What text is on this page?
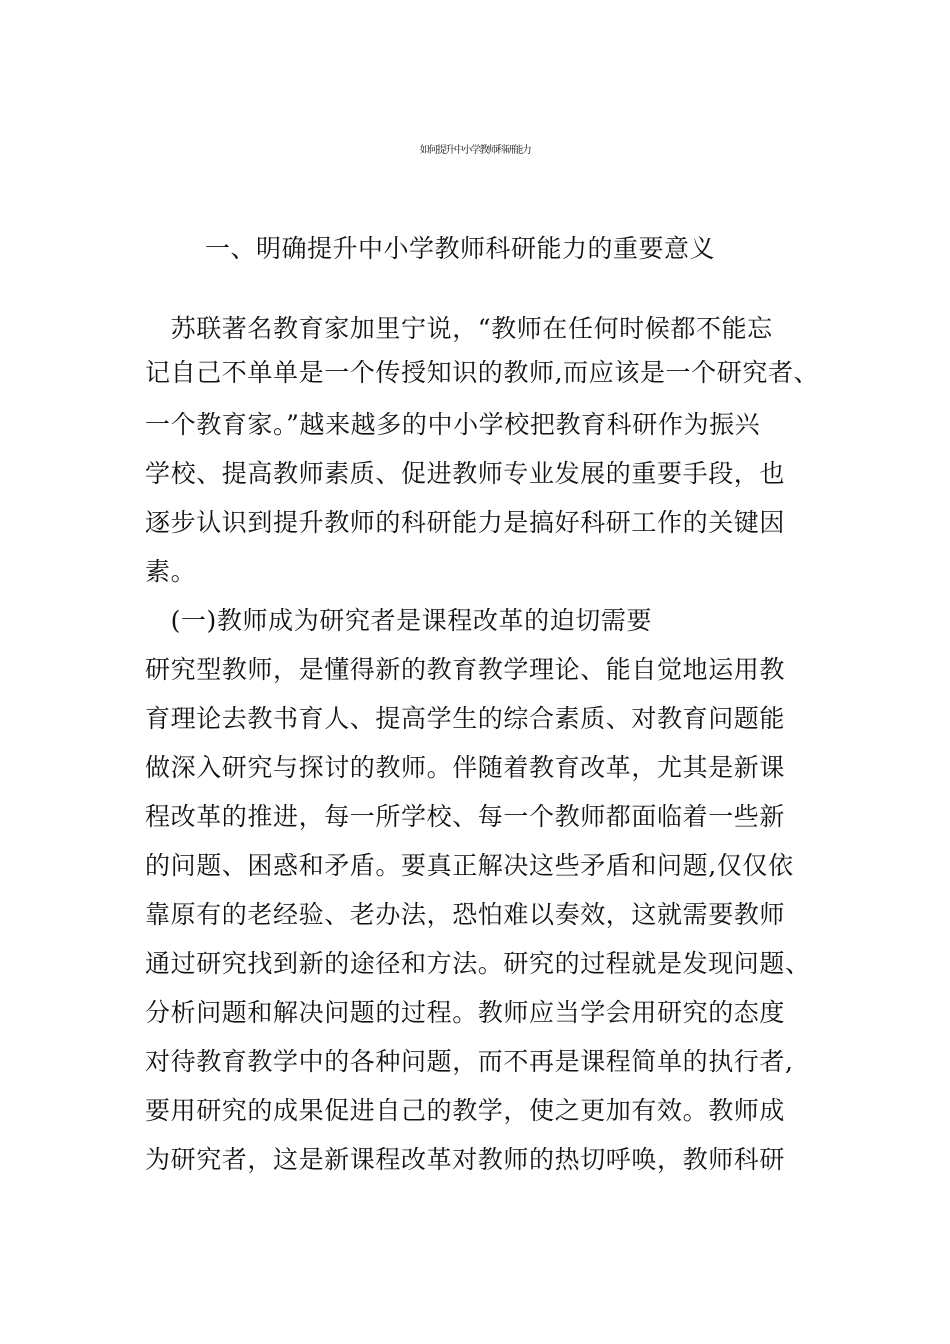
如何提升中小学教师科研能力
一、明确提升中小学教师科研能力的重要意义
　苏联著名教育家加里宁说，“教师在任何时候都不能忘
记自己不单单是一个传授知识的教师,而应该是一个研究者、
一个教育家。”越来越多的中小学校把教育科研作为振兴
学校、提高教师素质、促进教师专业发展的重要手段，也
逐步认识到提升教师的科研能力是搞好科研工作的关键因
素。
　(一)教师成为研究者是课程改革的迫切需要
研究型教师，是懂得新的教育教学理论、能自觉地运用教
育理论去教书育人、提高学生的综合素质、对教育问题能
做深入研究与探讨的教师。伴随着教育改革，尤其是新课
程改革的推进，每一所学校、每一个教师都面临着一些新
的问题、困惑和矛盾。要真正解决这些矛盾和问题,仅仅依
靠原有的老经验、老办法，恐怕难以奏效，这就需要教师
通过研究找到新的途径和方法。研究的过程就是发现问题、
分析问题和解决问题的过程。教师应当学会用研究的态度
对待教育教学中的各种问题，而不再是课程简单的执行者,
要用研究的成果促进自己的教学，使之更加有效。教师成
为研究者，这是新课程改革对教师的热切呼唤，教师科研
